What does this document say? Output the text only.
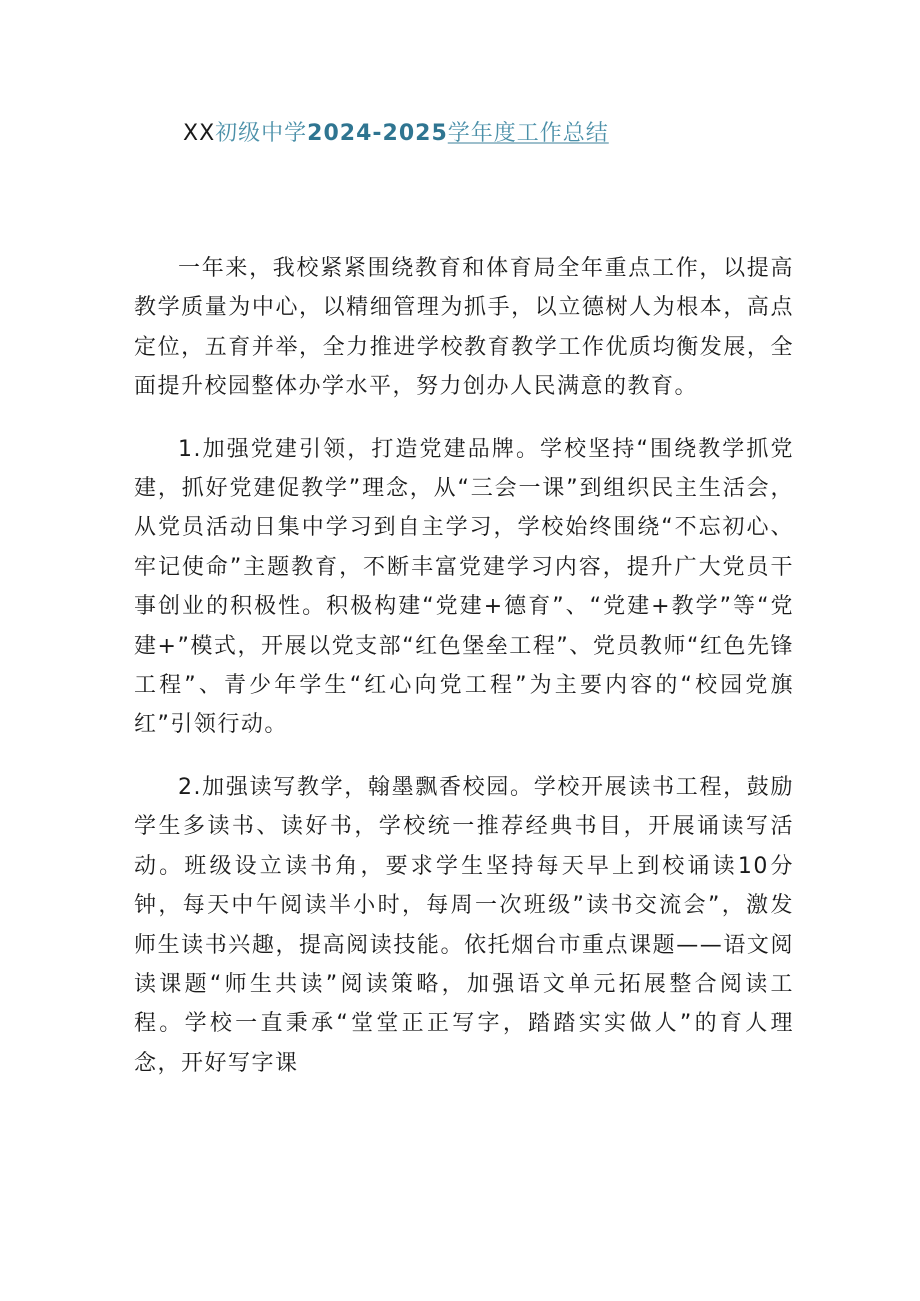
XX初级中学2024-2025学年度工作总结

一年来，我校紧紧围绕教育和体育局全年重点工作，以提高教学质量为中心，以精细管理为抓手，以立德树人为根本，高点定位，五育并举，全力推进学校教育教学工作优质均衡发展，全面提升校园整体办学水平，努力创办人民满意的教育。

1.加强党建引领，打造党建品牌。学校坚持“围绕教学抓党建，抓好党建促教学”理念，从“三会一课”到组织民主生活会，从党员活动日集中学习到自主学习，学校始终围绕“不忘初心、牢记使命”主题教育，不断丰富党建学习内容，提升广大党员干事创业的积极性。积极构建“党建+德育”、“党建+教学”等“党建+”模式，开展以党支部“红色堡垒工程”、党员教师“红色先锋工程”、青少年学生“红心向党工程”为主要内容的“校园党旗红”引领行动。

2.加强读写教学，翰墨飘香校园。学校开展读书工程，鼓励学生多读书、读好书，学校统一推荐经典书目，开展诵读写活动。班级设立读书角，要求学生坚持每天早上到校诵读10分钟，每天中午阅读半小时，每周一次班级”读书交流会”，激发师生读书兴趣，提高阅读技能。依托烟台市重点课题——语文阅读课题“师生共读”阅读策略，加强语文单元拓展整合阅读工程。学校一直秉承“堂堂正正写字，踏踏实实做人”的育人理念，开好写字课
